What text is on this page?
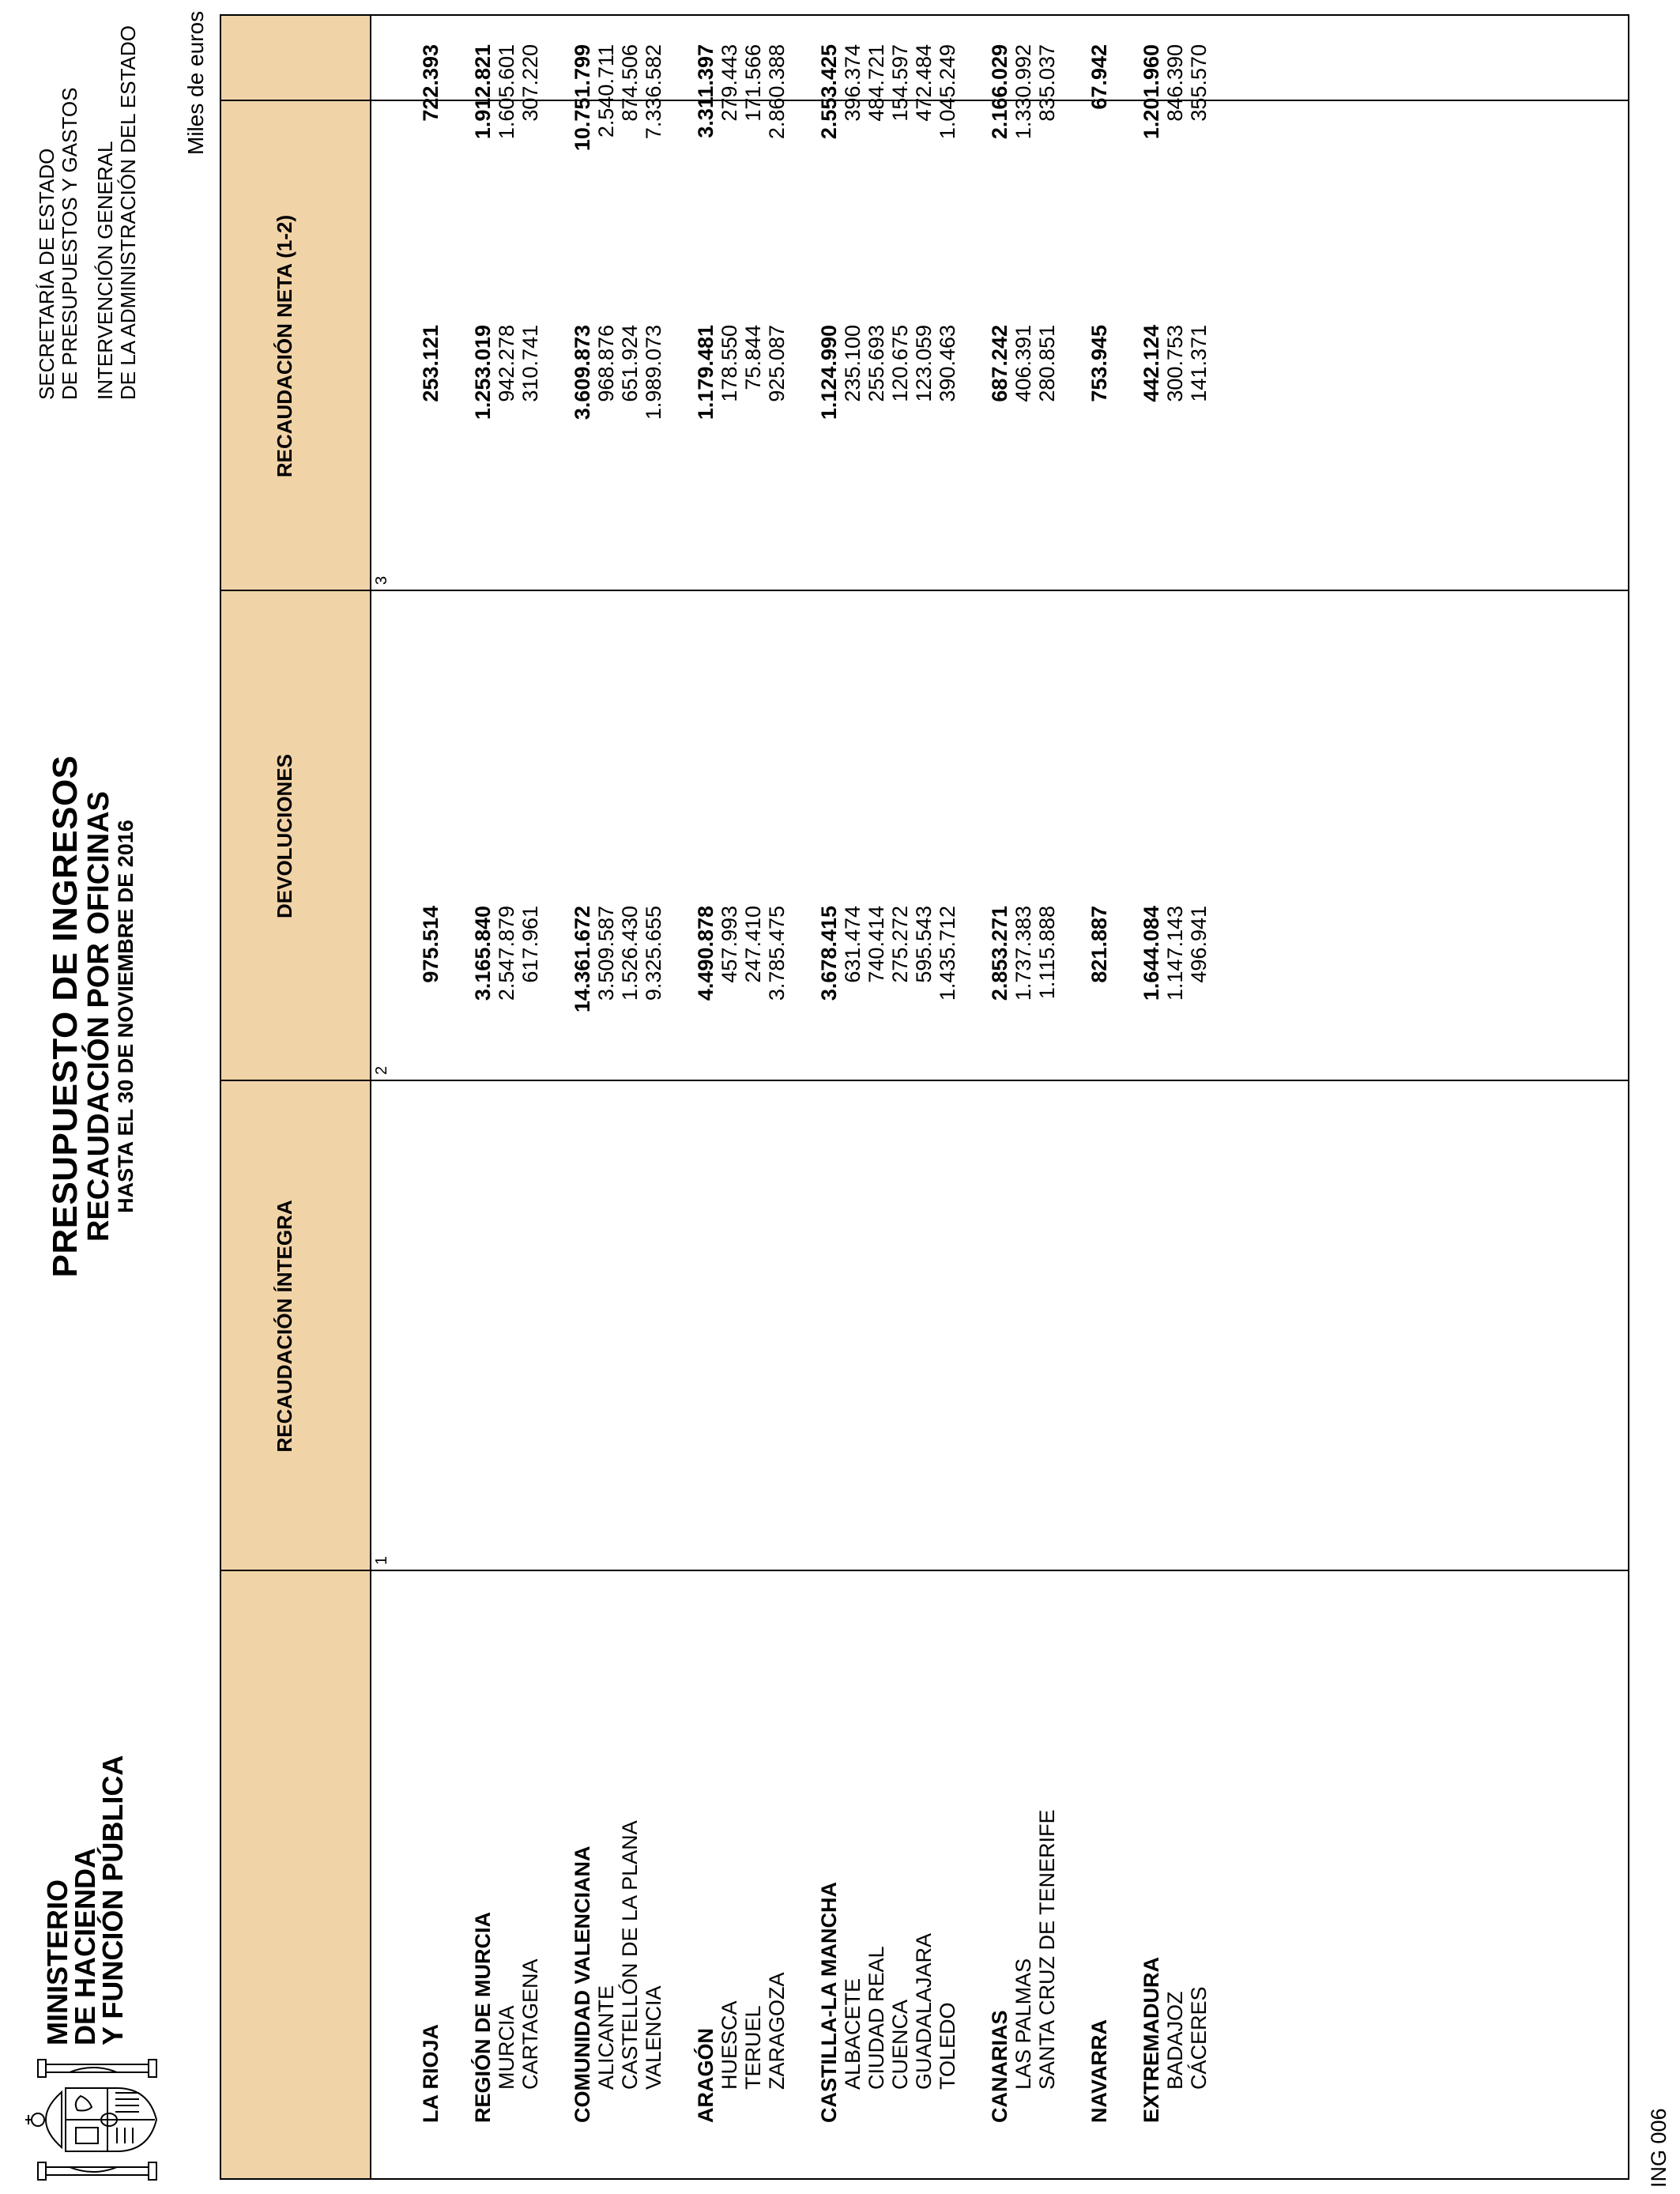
MINISTERIO
DE HACIENDA
Y FUNCIÓN PÚBLICA
PRESUPUESTO DE INGRESOS
RECAUDACIÓN POR OFICINAS
HASTA EL 30 DE NOVIEMBRE DE 2016
SECRETARÍA DE ESTADO DE PRESUPUESTOS Y GASTOS INTERVENCIÓN GENERAL DE LA ADMINISTRACIÓN DEL ESTADO Miles de euros
RECAUDACIÓN ÍNTEGRA
DEVOLUCIONES
RECAUDACIÓN NETA (1-2)
1
2
3
LA RIOJA
975.514
253.121
722.393
REGIÓN DE MURCIA
3.165.840
1.253.019
1.912.821
MURCIA
2.547.879
942.278
1.605.601
CARTAGENA
617.961
310.741
307.220
COMUNIDAD VALENCIANA
14.361.672
3.609.873
10.751.799
ALICANTE
3.509.587
968.876
2.540.711
CASTELLÓN DE LA PLANA
1.526.430
651.924
874.506
VALENCIA
9.325.655
1.989.073
7.336.582
ARAGÓN
4.490.878
1.179.481
3.311.397
HUESCA
457.993
178.550
279.443
TERUEL
247.410
75.844
171.566
ZARAGOZA
3.785.475
925.087
2.860.388
CASTILLA-LA MANCHA
3.678.415
1.124.990
2.553.425
ALBACETE
631.474
235.100
396.374
CIUDAD REAL
740.414
255.693
484.721
CUENCA
275.272
120.675
154.597
GUADALAJARA
595.543
123.059
472.484
TOLEDO
1.435.712
390.463
1.045.249
CANARIAS
2.853.271
687.242
2.166.029
LAS PALMAS
1.737.383
406.391
1.330.992
SANTA CRUZ DE TENERIFE
1.115.888
280.851
835.037
NAVARRA
821.887
753.945
67.942
EXTREMADURA
1.644.084
442.124
1.201.960
BADAJOZ
1.147.143
300.753
846.390
CÁCERES
496.941
141.371
355.570
ING 006
